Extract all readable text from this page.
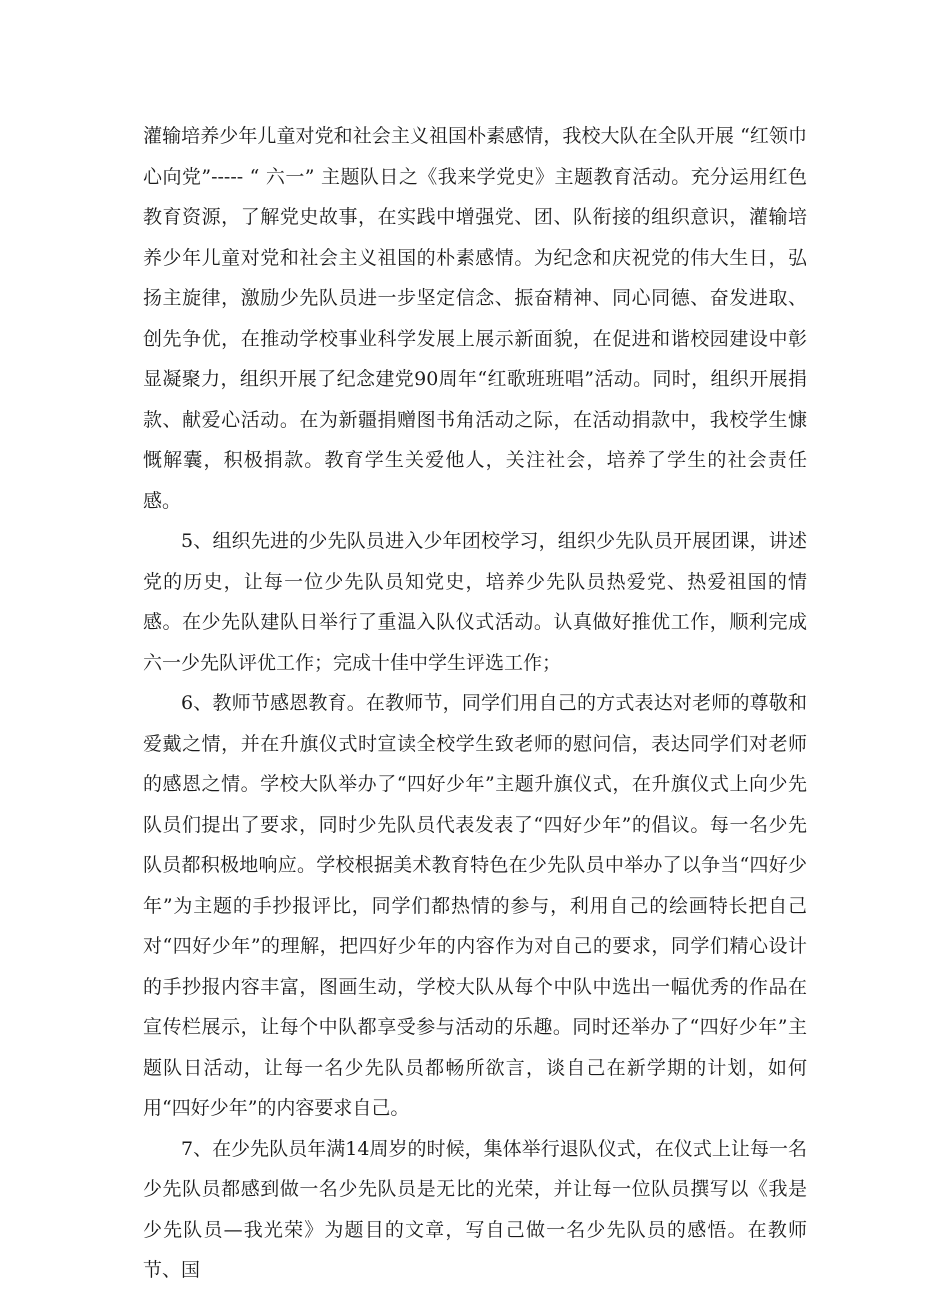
灌输培养少年儿童对党和社会主义祖国朴素感情，我校大队在全队开展 “红领巾心向党”----- “ 六一” 主题队日之《我来学党史》主题教育活动。充分运用红色教育资源，了解党史故事，在实践中增强党、团、队衔接的组织意识，灌输培养少年儿童对党和社会主义祖国的朴素感情。为纪念和庆祝党的伟大生日，弘扬主旋律，激励少先队员进一步坚定信念、振奋精神、同心同德、奋发进取、创先争优，在推动学校事业科学发展上展示新面貌，在促进和谐校园建设中彰显凝聚力，组织开展了纪念建党90周年“红歌班班唱”活动。同时，组织开展捐款、献爱心活动。在为新疆捐赠图书角活动之际，在活动捐款中，我校学生慷慨解囊，积极捐款。教育学生关爱他人，关注社会，培养了学生的社会责任感。

5、组织先进的少先队员进入少年团校学习，组织少先队员开展团课，讲述党的历史，让每一位少先队员知党史，培养少先队员热爱党、热爱祖国的情感。在少先队建队日举行了重温入队仪式活动。认真做好推优工作，顺利完成六一少先队评优工作；完成十佳中学生评选工作；

6、教师节感恩教育。在教师节，同学们用自己的方式表达对老师的尊敬和爱戴之情，并在升旗仪式时宣读全校学生致老师的慰问信，表达同学们对老师的感恩之情。学校大队举办了“四好少年”主题升旗仪式，在升旗仪式上向少先队员们提出了要求，同时少先队员代表发表了“四好少年”的倡议。每一名少先队员都积极地响应。学校根据美术教育特色在少先队员中举办了以争当“四好少年”为主题的手抄报评比，同学们都热情的参与，利用自己的绘画特长把自己对“四好少年”的理解，把四好少年的内容作为对自己的要求，同学们精心设计的手抄报内容丰富，图画生动，学校大队从每个中队中选出一幅优秀的作品在宣传栏展示，让每个中队都享受参与活动的乐趣。同时还举办了“四好少年”主题队日活动，让每一名少先队员都畅所欲言，谈自己在新学期的计划，如何用“四好少年”的内容要求自己。

7、在少先队员年满14周岁的时候，集体举行退队仪式，在仪式上让每一名少先队员都感到做一名少先队员是无比的光荣，并让每一位队员撰写以《我是少先队员—我光荣》为题目的文章，写自己做一名少先队员的感悟。在教师节、国
